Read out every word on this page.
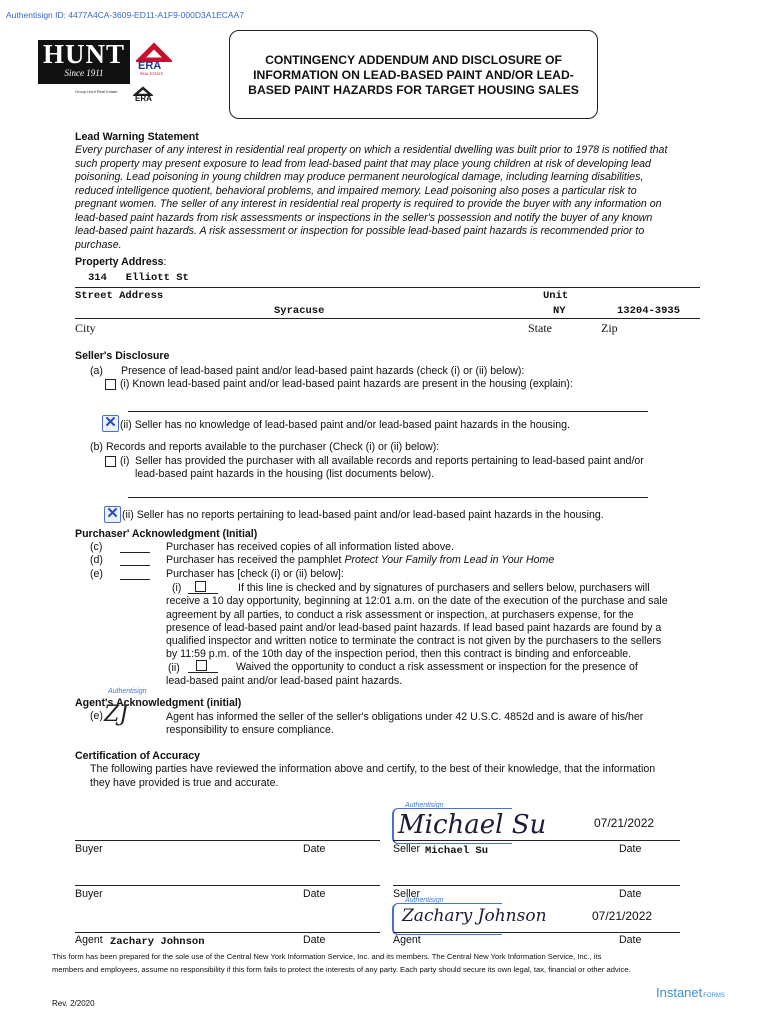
Authentisign ID: 4477A4CA-3609-ED11-A1F9-000D3A1ECAA7
HUNT
Since 1911
ERA
REAL ESTATE
Group Hunt Real Estate
ERA
CONTINGENCY ADDENDUM AND DISCLOSURE OF
INFORMATION ON LEAD-BASED PAINT AND/OR LEAD-
BASED PAINT HAZARDS FOR TARGET HOUSING SALES
Lead Warning Statement
Every purchaser of any interest in residential real property on which a residential dwelling was built prior to 1978 is notified that
such property may present exposure to lead from lead-based paint that may place young children at risk of developing lead
poisoning. Lead poisoning in young children may produce permanent neurological damage, including learning disabilities,
reduced intelligence quotient, behavioral problems, and impaired memory. Lead poisoning also poses a particular risk to
pregnant women. The seller of any interest in residential real property is required to provide the buyer with any information on
lead-based paint hazards from risk assessments or inspections in the seller's possession and notify the buyer of any known
lead-based paint hazards. A risk assessment or inspection for possible lead-based paint hazards is recommended prior to
purchase.
Property Address:
314   Elliott St
Street Address	Unit
Syracuse	NY	13204-3935
City	State	Zip
Seller's Disclosure
(a) Presence of lead-based paint and/or lead-based paint hazards (check (i) or (ii) below):
(i) Known lead-based paint and/or lead-based paint hazards are present in the housing (explain):
✕ (ii) Seller has no knowledge of lead-based paint and/or lead-based paint hazards in the housing.
(b) Records and reports available to the purchaser (Check (i) or (ii) below):
(i) Seller has provided the purchaser with all available records and reports pertaining to lead-based paint and/or
lead-based paint hazards in the housing (list documents below).
✕ (ii) Seller has no reports pertaining to lead-based paint and/or lead-based paint hazards in the housing.
Purchaser' Acknowledgment (Initial)
(c)	Purchaser has received copies of all information listed above.
(d)	Purchaser has received the pamphlet Protect Your Family from Lead in Your Home
(e)	Purchaser has [check (i) or (ii) below]:
(i)	If this line is checked and by signatures of purchasers and sellers below, purchasers will
receive a 10 day opportunity, beginning at 12:01 a.m. on the date of the execution of the purchase and sale
agreement by all parties, to conduct a risk assessment or inspection, at purchasers expense, for the
presence of lead-based paint and/or lead-based paint hazards. If lead based paint hazards are found by a
qualified inspector and written notice to terminate the contract is not given by the purchasers to the sellers
by 11:59 p.m. of the 10th day of the inspection period, then this contract is binding and enforceable.
(ii)	Waived the opportunity to conduct a risk assessment or inspection for the presence of
lead-based paint and/or lead-based paint hazards.
Agent's Acknowledgment (initial)
Authentisign
(e) ZJ	Agent has informed the seller of the seller's obligations under 42 U.S.C. 4852d and is aware of his/her
responsibility to ensure compliance.
Certification of Accuracy
The following parties have reviewed the information above and certify, to the best of their knowledge, that the information
they have provided is true and accurate.
Authentisign
Michael Su	07/21/2022
Buyer	Date	Seller Michael Su	Date
Buyer	Date	Seller	Date
Authentisign
Zachary Johnson	07/21/2022
Agent Zachary Johnson	Date	Agent	Date
This form has been prepared for the sole use of the Central New York Information Service, Inc. and its members. The Central New York Information Service, Inc., its
members and employees, assume no responsibility if this form fails to protect the interests of any party. Each party should secure its own legal, tax, financial or other advice.
Rev. 2/2020
InstanetFORMS
